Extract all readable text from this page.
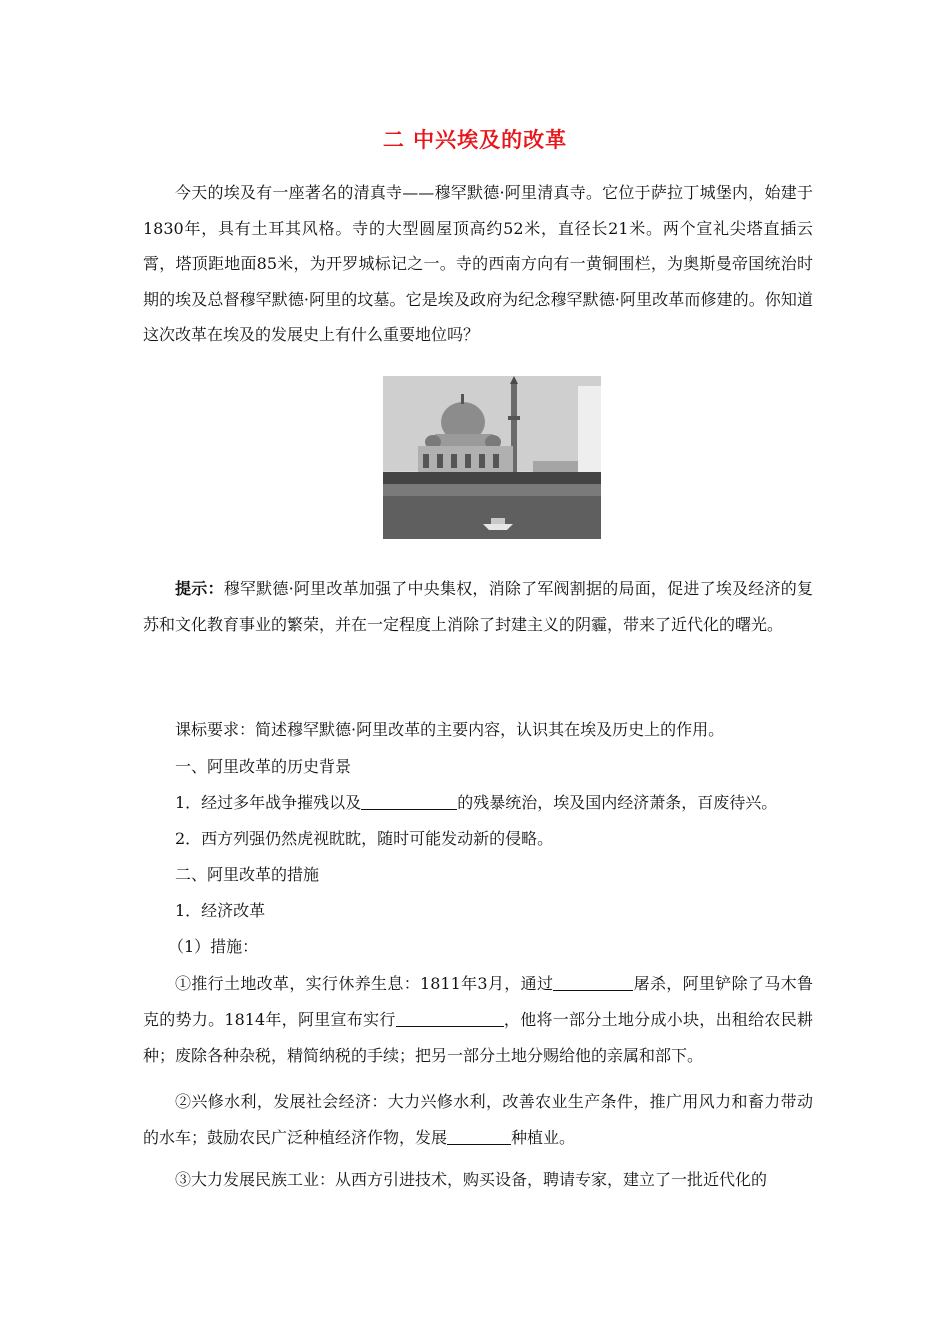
二 中兴埃及的改革
今天的埃及有一座著名的清真寺——穆罕默德·阿里清真寺。它位于萨拉丁城堡内，始建于1830年，具有土耳其风格。寺的大型圆屋顶高约52米，直径长21米。两个宣礼尖塔直插云霄，塔顶距地面85米，为开罗城标记之一。寺的西南方向有一黄铜围栏，为奥斯曼帝国统治时期的埃及总督穆罕默德·阿里的坟墓。它是埃及政府为纪念穆罕默德·阿里改革而修建的。你知道这次改革在埃及的发展史上有什么重要地位吗？
提示：穆罕默德·阿里改革加强了中央集权，消除了军阀割据的局面，促进了埃及经济的复苏和文化教育事业的繁荣，并在一定程度上消除了封建主义的阴霾，带来了近代化的曙光。
课标要求：简述穆罕默德·阿里改革的主要内容，认识其在埃及历史上的作用。
一、阿里改革的历史背景
1．经过多年战争摧残以及	的残暴统治，埃及国内经济萧条，百废待兴。
2．西方列强仍然虎视眈眈，随时可能发动新的侵略。
二、阿里改革的措施
1．经济改革
（1）措施：
①推行土地改革，实行休养生息：1811年3月，通过	屠杀，阿里铲除了马木鲁克的势力。1814年，阿里宣布实行	，他将一部分土地分成小块，出租给农民耕种；废除各种杂税，精简纳税的手续；把另一部分土地分赐给他的亲属和部下。
②兴修水利，发展社会经济：大力兴修水利，改善农业生产条件，推广用风力和畜力带动的水车；鼓励农民广泛种植经济作物，发展	种植业。
③大力发展民族工业：从西方引进技术，购买设备，聘请专家，建立了一批近代化的
